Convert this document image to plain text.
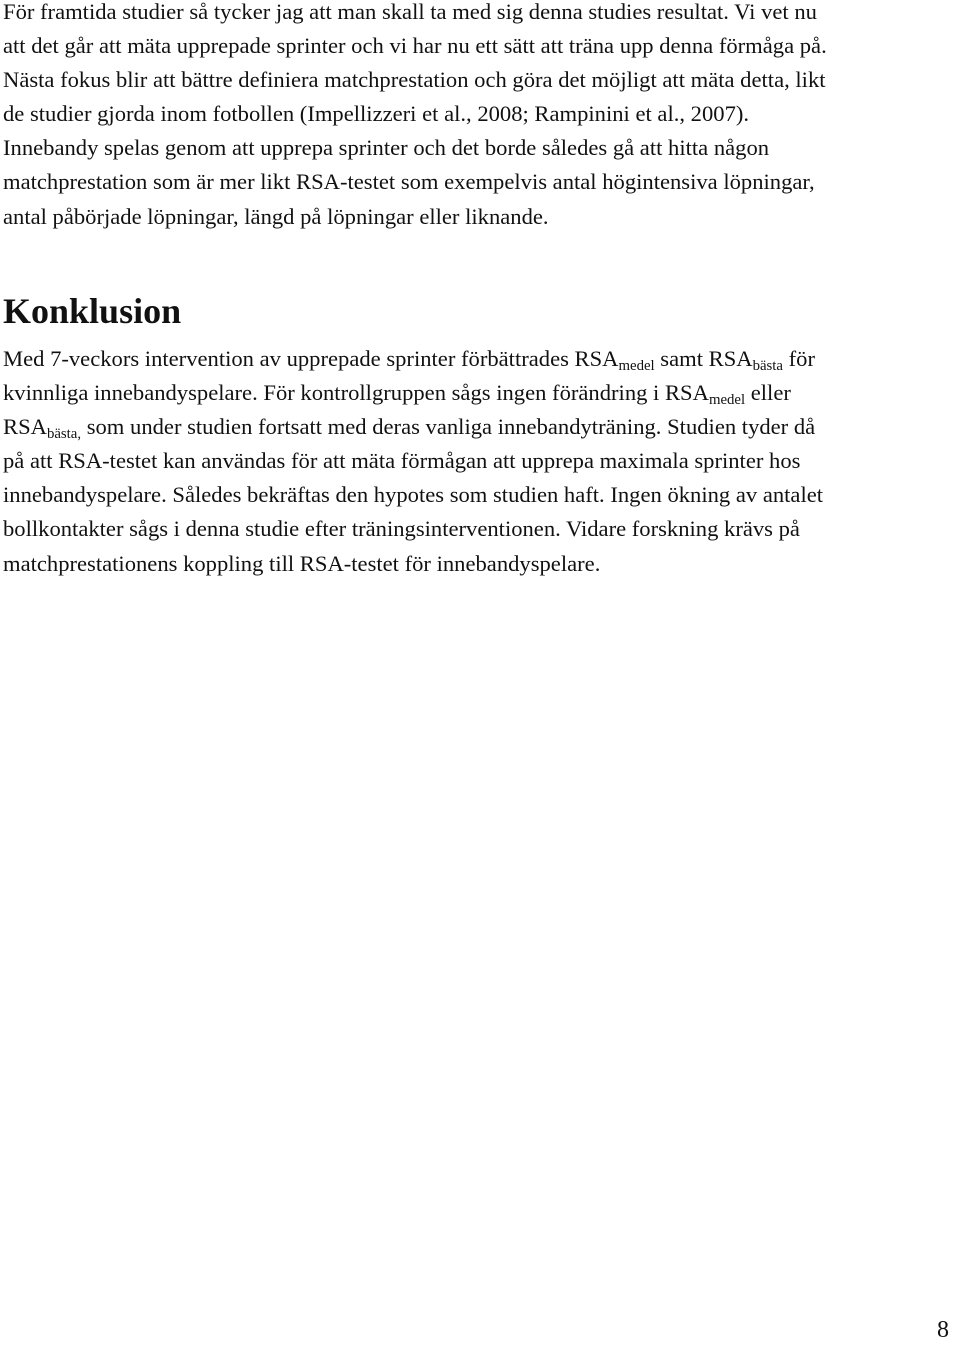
För framtida studier så tycker jag att man skall ta med sig denna studies resultat. Vi vet nu
att det går att mäta upprepade sprinter och vi har nu ett sätt att träna upp denna förmåga på.
Nästa fokus blir att bättre definiera matchprestation och göra det möjligt att mäta detta, likt
de studier gjorda inom fotbollen (Impellizzeri et al., 2008; Rampinini et al., 2007).
Innebandy spelas genom att upprepa sprinter och det borde således gå att hitta någon
matchprestation som är mer likt RSA-testet som exempelvis antal högintensiva löpningar,
antal påbörjade löpningar, längd på löpningar eller liknande.

Konklusion

Med 7-veckors intervention av upprepade sprinter förbättrades RSAmedel samt RSAbästa för
kvinnliga innebandyspelare. För kontrollgruppen sågs ingen förändring i RSAmedel eller
RSAbästa, som under studien fortsatt med deras vanliga innebandyträning. Studien tyder då
på att RSA-testet kan användas för att mäta förmågan att upprepa maximala sprinter hos
innebandyspelare. Således bekräftas den hypotes som studien haft. Ingen ökning av antalet
bollkontakter sågs i denna studie efter träningsinterventionen. Vidare forskning krävs på
matchprestationens koppling till RSA-testet för innebandyspelare.

8
